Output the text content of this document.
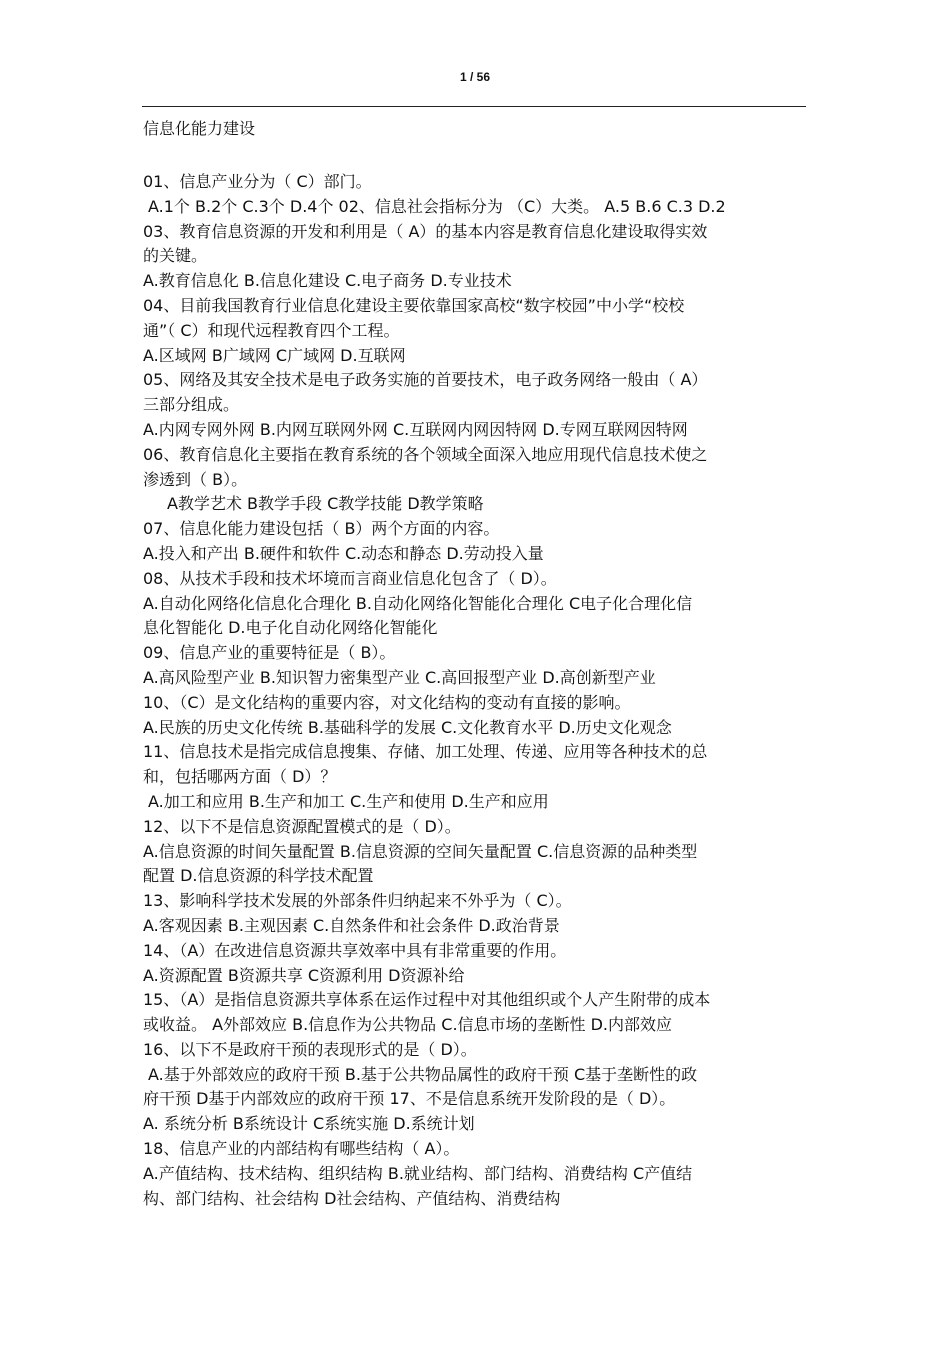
1 / 56
信息化能力建设
01、信息产业分为（ C）部门。
A.1个 B.2个 C.3个 D.4个 02、信息社会指标分为 （C）大类。 A.5 B.6 C.3 D.2
03、教育信息资源的开发和利用是（ A）的基本内容是教育信息化建设取得实效
的关键。
A.教育信息化 B.信息化建设 C.电子商务 D.专业技术
04、目前我国教育行业信息化建设主要依靠国家高校“数字校园”中小学“校校
通”（ C）和现代远程教育四个工程。
A.区域网 B广域网 C广域网 D.互联网
05、网络及其安全技术是电子政务实施的首要技术，电子政务网络一般由（ A）
三部分组成。
A.内网专网外网 B.内网互联网外网 C.互联网内网因特网 D.专网互联网因特网
06、教育信息化主要指在教育系统的各个领域全面深入地应用现代信息技术使之
渗透到（ B）。
A教学艺术 B教学手段 C教学技能 D教学策略
07、信息化能力建设包括（ B）两个方面的内容。
A.投入和产出 B.硬件和软件 C.动态和静态 D.劳动投入量
08、从技术手段和技术坏境而言商业信息化包含了（ D）。
A.自动化网络化信息化合理化 B.自动化网络化智能化合理化 C电子化合理化信
息化智能化 D.电子化自动化网络化智能化
09、信息产业的重要特征是（ B）。
A.高风险型产业 B.知识智力密集型产业 C.高回报型产业 D.高创新型产业
10、（C）是文化结构的重要内容，对文化结构的变动有直接的影响。
A.民族的历史文化传统 B.基础科学的发展 C.文化教育水平 D.历史文化观念
11、信息技术是指完成信息搜集、存储、加工处理、传递、应用等各种技术的总
和，包括哪两方面（ D）？
A.加工和应用 B.生产和加工 C.生产和使用 D.生产和应用
12、以下不是信息资源配置模式的是（ D）。
A.信息资源的时间矢量配置 B.信息资源的空间矢量配置 C.信息资源的品种类型
配置 D.信息资源的科学技术配置
13、影响科学技术发展的外部条件归纳起来不外乎为（ C）。
A.客观因素 B.主观因素 C.自然条件和社会条件 D.政治背景
14、（A）在改进信息资源共享效率中具有非常重要的作用。
A.资源配置 B资源共享 C资源利用 D资源补给
15、（A）是指信息资源共享体系在运作过程中对其他组织或个人产生附带的成本
或收益。 A外部效应 B.信息作为公共物品 C.信息市场的垄断性 D.内部效应
16、以下不是政府干预的表现形式的是（ D）。
A.基于外部效应的政府干预 B.基于公共物品属性的政府干预 C基于垄断性的政
府干预 D基于内部效应的政府干预 17、不是信息系统开发阶段的是（ D）。
A. 系统分析 B系统设计 C系统实施 D.系统计划
18、信息产业的内部结构有哪些结构（ A）。
A.产值结构、技术结构、组织结构 B.就业结构、部门结构、消费结构 C产值结
构、部门结构、社会结构 D社会结构、产值结构、消费结构
